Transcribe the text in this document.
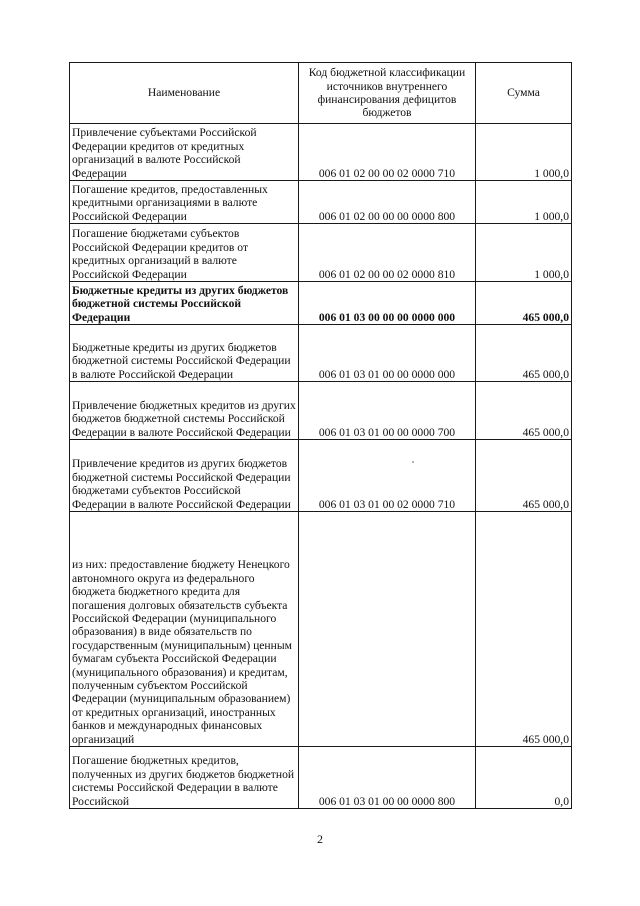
Наименование	Код бюджетной классификации источников внутреннего финансирования дефицитов бюджетов	Сумма
Привлечение субъектами Российской Федерации кредитов от кредитных организаций в валюте Российской Федерации	006 01 02 00 00 02 0000 710	1 000,0
Погашение кредитов, предоставленных кредитными организациями в валюте Российской Федерации	006 01 02 00 00 00 0000 800	1 000,0
Погашение бюджетами субъектов Российской Федерации кредитов от кредитных организаций в валюте Российской Федерации	006 01 02 00 00 02 0000 810	1 000,0
Бюджетные кредиты из других бюджетов бюджетной системы Российской Федерации	006 01 03 00 00 00 0000 000	465 000,0
Бюджетные кредиты из других бюджетов бюджетной системы Российской Федерации в валюте Российской Федерации	006 01 03 01 00 00 0000 000	465 000,0
Привлечение бюджетных кредитов из других бюджетов бюджетной системы Российской Федерации в валюте Российской Федерации	006 01 03 01 00 00 0000 700	465 000,0
Привлечение кредитов из других бюджетов бюджетной системы Российской Федерации бюджетами субъектов Российской Федерации в валюте Российской Федерации	006 01 03 01 00 02 0000 710	465 000,0
из них: предоставление бюджету Ненецкого автономного округа из федерального бюджета бюджетного кредита для погашения долговых обязательств субъекта Российской Федерации (муниципального образования) в виде обязательств по государственным (муниципальным) ценным бумагам субъекта Российской Федерации (муниципального образования) и кредитам, полученным субъектом Российской Федерации (муниципальным образованием) от кредитных организаций, иностранных банков и международных финансовых организаций		465 000,0
Погашение бюджетных кредитов, полученных из других бюджетов бюджетной системы Российской Федерации в валюте Российской	006 01 03 01 00 00 0000 800	0,0
2
